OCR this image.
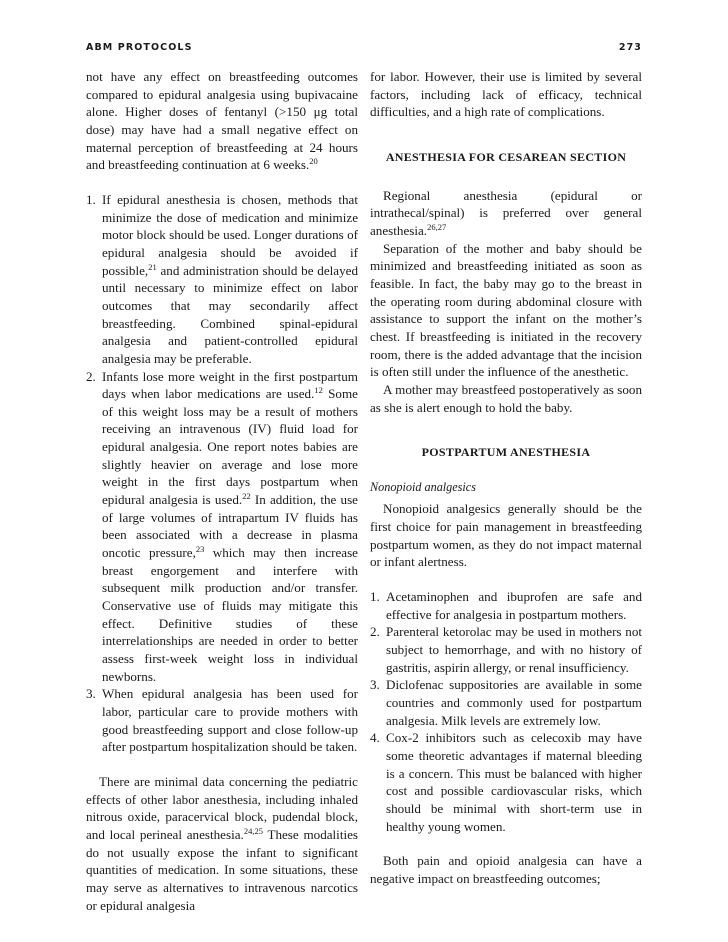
ABM PROTOCOLS	273

not have any effect on breastfeeding outcomes compared to epidural analgesia using bupivacaine alone. Higher doses of fentanyl (>150 μg total dose) may have had a small negative effect on maternal perception of breastfeeding at 24 hours and breastfeeding continuation at 6 weeks.$^{20}$

1. If epidural anesthesia is chosen, methods that minimize the dose of medication and minimize motor block should be used. Longer durations of epidural analgesia should be avoided if possible,$^{21}$ and administration should be delayed until necessary to minimize effect on labor outcomes that may secondarily affect breastfeeding. Combined spinal-epidural analgesia and patient-controlled epidural analgesia may be preferable.
2. Infants lose more weight in the first postpartum days when labor medications are used.$^{12}$ Some of this weight loss may be a result of mothers receiving an intravenous (IV) fluid load for epidural analgesia. One report notes babies are slightly heavier on average and lose more weight in the first days postpartum when epidural analgesia is used.$^{22}$ In addition, the use of large volumes of intrapartum IV fluids has been associated with a decrease in plasma oncotic pressure,$^{23}$ which may then increase breast engorgement and interfere with subsequent milk production and/or transfer. Conservative use of fluids may mitigate this effect. Definitive studies of these interrelationships are needed in order to better assess first-week weight loss in individual newborns.
3. When epidural analgesia has been used for labor, particular care to provide mothers with good breastfeeding support and close follow-up after postpartum hospitalization should be taken.

There are minimal data concerning the pediatric effects of other labor anesthesia, including inhaled nitrous oxide, paracervical block, pudendal block, and local perineal anesthesia.$^{24,25}$ These modalities do not usually expose the infant to significant quantities of medication. In some situations, these may serve as alternatives to intravenous narcotics or epidural analgesia

for labor. However, their use is limited by several factors, including lack of efficacy, technical difficulties, and a high rate of complications.

ANESTHESIA FOR CESAREAN SECTION

Regional anesthesia (epidural or intrathecal/spinal) is preferred over general anesthesia.$^{26,27}$

Separation of the mother and baby should be minimized and breastfeeding initiated as soon as feasible. In fact, the baby may go to the breast in the operating room during abdominal closure with assistance to support the infant on the mother’s chest. If breastfeeding is initiated in the recovery room, there is the added advantage that the incision is often still under the influence of the anesthetic.

A mother may breastfeed postoperatively as soon as she is alert enough to hold the baby.

POSTPARTUM ANESTHESIA
Nonopioid analgesics

Nonopioid analgesics generally should be the first choice for pain management in breastfeeding postpartum women, as they do not impact maternal or infant alertness.

1. Acetaminophen and ibuprofen are safe and effective for analgesia in postpartum mothers.
2. Parenteral ketorolac may be used in mothers not subject to hemorrhage, and with no history of gastritis, aspirin allergy, or renal insufficiency.
3. Diclofenac suppositories are available in some countries and commonly used for postpartum analgesia. Milk levels are extremely low.
4. Cox-2 inhibitors such as celecoxib may have some theoretic advantages if maternal bleeding is a concern. This must be balanced with higher cost and possible cardiovascular risks, which should be minimal with short-term use in healthy young women.

Both pain and opioid analgesia can have a negative impact on breastfeeding outcomes;
